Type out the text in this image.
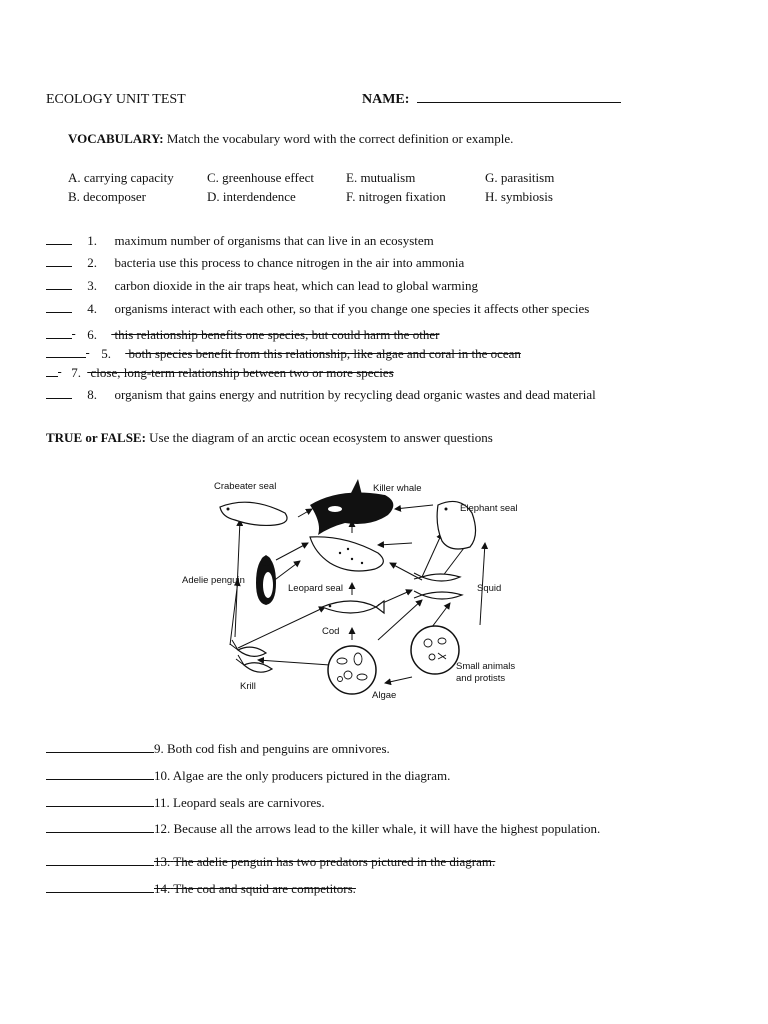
ECOLOGY UNIT TEST	NAME:
VOCABULARY: Match the vocabulary word with the correct definition or example.
A. carrying capacity	C. greenhouse effect E. mutualism	G. parasitism
B. decomposer	D. interdendence	F. nitrogen fixation	H. symbiosis
1. maximum number of organisms that can live in an ecosystem
2. bacteria use this process to chance nitrogen in the air into ammonia
3. carbon dioxide in the air traps heat, which can lead to global warming
4. organisms interact with each other, so that if you change one species it affects other species
6. this relationship benefits one species, but could harm the other
5. both species benefit from this relationship, like algae and coral in the ocean
7. close, long-term relationship between two or more species
8. organism that gains energy and nutrition by recycling dead organic wastes and dead material
TRUE or FALSE: Use the diagram of an arctic ocean ecosystem to answer questions
Crabeater seal	Killer whale
Elephant seal
Adelie penguin
Leopard seal	Squid
Cod
Small animals
and protists
Krill
Algae
9. Both cod fish and penguins are omnivores.
10. Algae are the only producers pictured in the diagram.
11. Leopard seals are carnivores.
12. Because all the arrows lead to the killer whale, it will have the highest population.
13. The adelie penguin has two predators pictured in the diagram.
14. The cod and squid are competitors.
